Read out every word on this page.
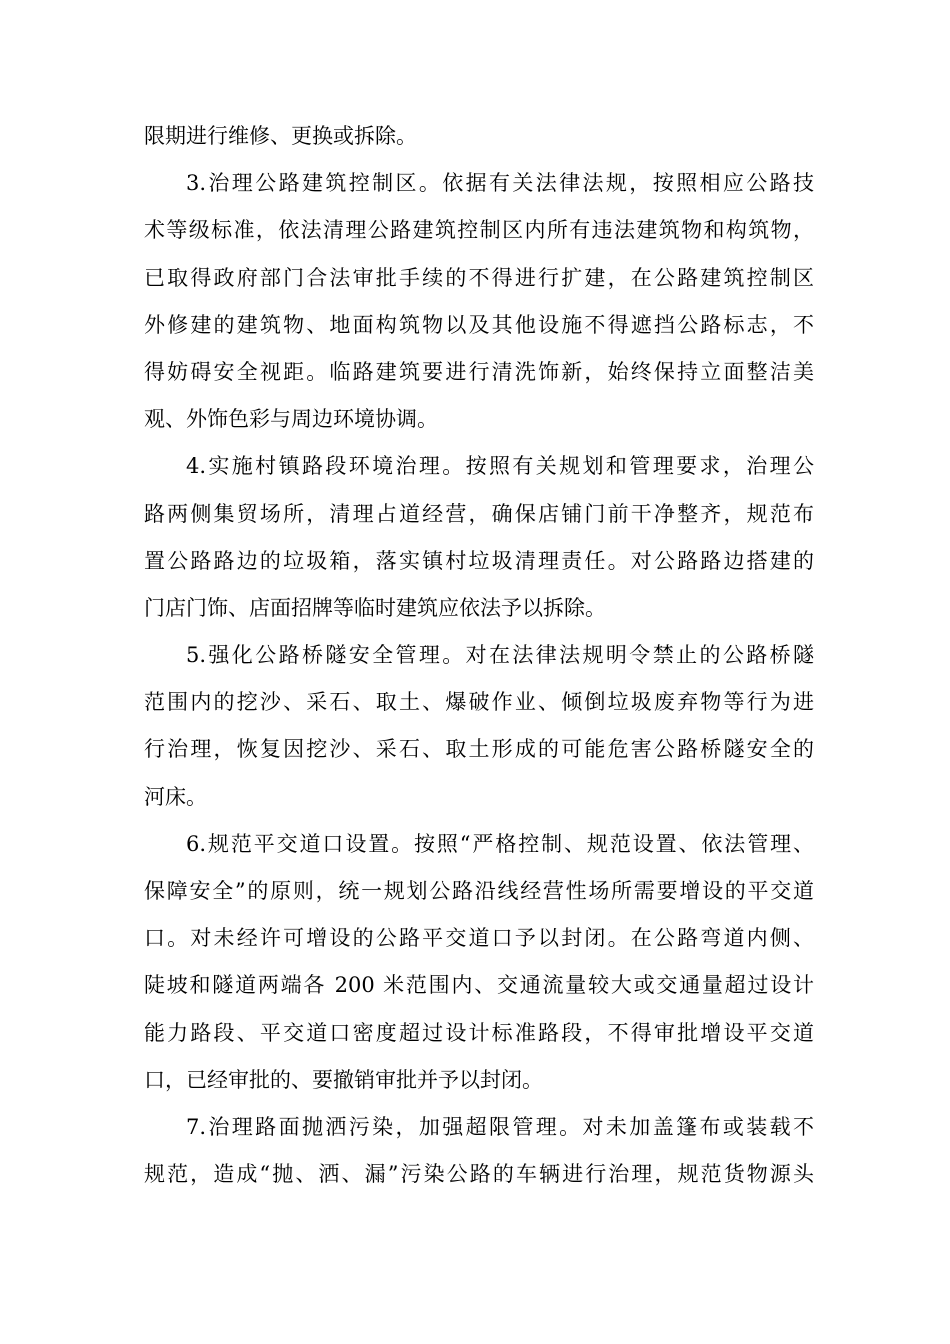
限期进行维修、更换或拆除。
3.治理公路建筑控制区。依据有关法律法规，按照相应公路技
术等级标准，依法清理公路建筑控制区内所有违法建筑物和构筑物，
已取得政府部门合法审批手续的不得进行扩建，在公路建筑控制区
外修建的建筑物、地面构筑物以及其他设施不得遮挡公路标志，不
得妨碍安全视距。临路建筑要进行清洗饰新，始终保持立面整洁美
观、外饰色彩与周边环境协调。
4.实施村镇路段环境治理。按照有关规划和管理要求，治理公
路两侧集贸场所，清理占道经营，确保店铺门前干净整齐，规范布
置公路路边的垃圾箱，落实镇村垃圾清理责任。对公路路边搭建的
门店门饰、店面招牌等临时建筑应依法予以拆除。
5.强化公路桥隧安全管理。对在法律法规明令禁止的公路桥隧
范围内的挖沙、采石、取土、爆破作业、倾倒垃圾废弃物等行为进
行治理，恢复因挖沙、采石、取土形成的可能危害公路桥隧安全的
河床。
6.规范平交道口设置。按照“严格控制、规范设置、依法管理、
保障安全”的原则，统一规划公路沿线经营性场所需要增设的平交道
口。对未经许可增设的公路平交道口予以封闭。在公路弯道内侧、
陡坡和隧道两端各 200 米范围内、交通流量较大或交通量超过设计
能力路段、平交道口密度超过设计标准路段，不得审批增设平交道
口，已经审批的、要撤销审批并予以封闭。
7.治理路面抛洒污染，加强超限管理。对未加盖篷布或装载不
规范，造成“抛、洒、漏”污染公路的车辆进行治理，规范货物源头
